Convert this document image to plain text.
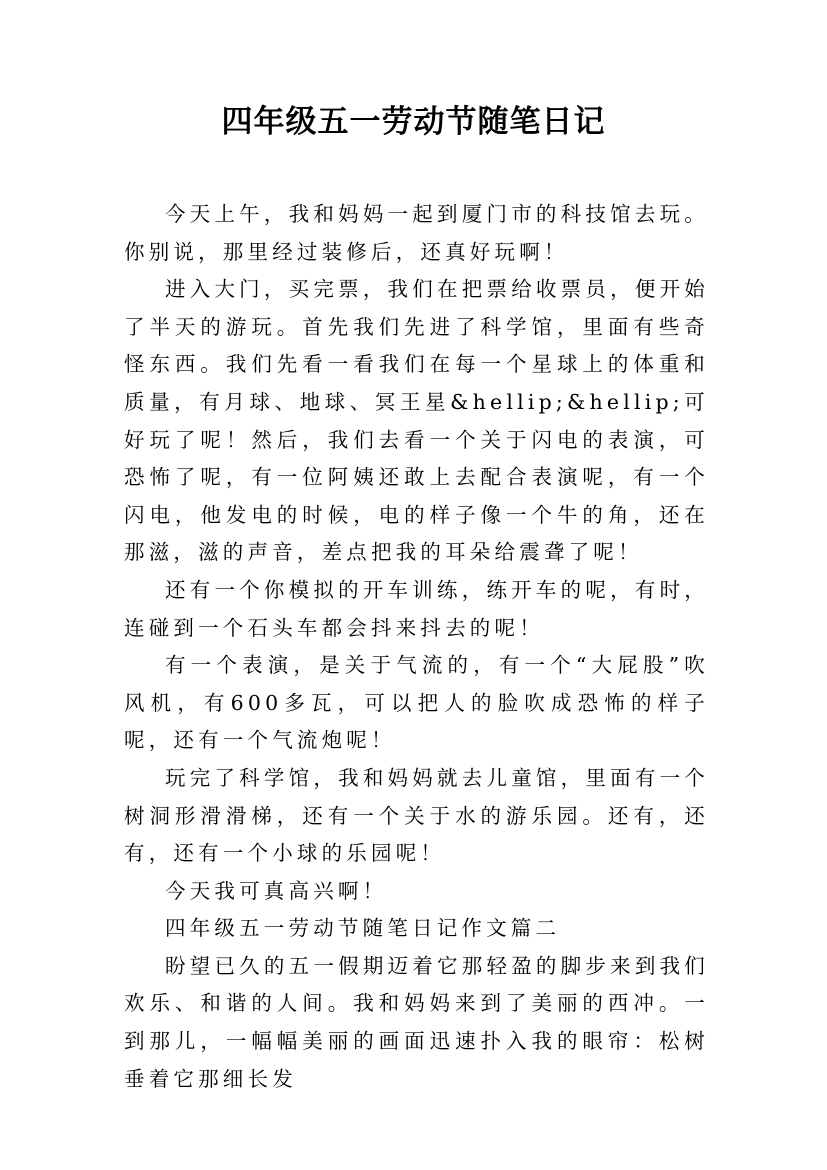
四年级五一劳动节随笔日记

今天上午，我和妈妈一起到厦门市的科技馆去玩。你别说，那里经过装修后，还真好玩啊！

进入大门，买完票，我们在把票给收票员，便开始了半天的游玩。首先我们先进了科学馆，里面有些奇怪东西。我们先看一看我们在每一个星球上的体重和质量，有月球、地球、冥王星&hellip;&hellip;可好玩了呢！然后，我们去看一个关于闪电的表演，可恐怖了呢，有一位阿姨还敢上去配合表演呢，有一个闪电，他发电的时候，电的样子像一个牛的角，还在那滋，滋的声音，差点把我的耳朵给震聋了呢！

还有一个你模拟的开车训练，练开车的呢，有时，连碰到一个石头车都会抖来抖去的呢！

有一个表演，是关于气流的，有一个“大屁股”吹风机，有600多瓦，可以把人的脸吹成恐怖的样子呢，还有一个气流炮呢！

玩完了科学馆，我和妈妈就去儿童馆，里面有一个树洞形滑滑梯，还有一个关于水的游乐园。还有，还有，还有一个小球的乐园呢！

今天我可真高兴啊！

四年级五一劳动节随笔日记作文篇二

盼望已久的五一假期迈着它那轻盈的脚步来到我们欢乐、和谐的人间。我和妈妈来到了美丽的西冲。一到那儿，一幅幅美丽的画面迅速扑入我的眼帘：松树垂着它那细长发
